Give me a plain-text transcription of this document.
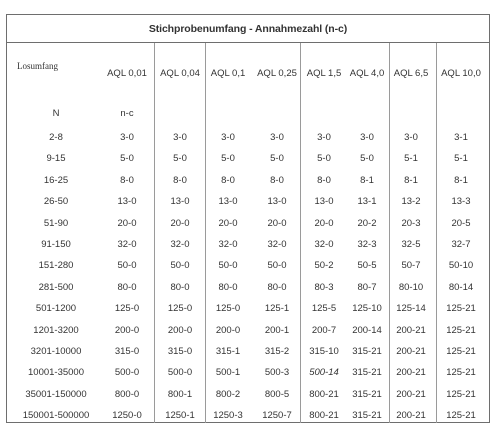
Stichprobenumfang - Annahmezahl (n-c)
Losumfang
AQL 0,01	AQL 0,04	AQL 0,1	AQL 0,25	AQL 1,5 AQL 4,0 AQL 6,5	AQL 10,0
N	n-c
2-8	3-0	3-0	3-0	3-0	3-0	3-0	3-0	3-1
9-15	5-0	5-0	5-0	5-0	5-0	5-0	5-1	5-1
16-25	8-0	8-0	8-0	8-0	8-0	8-1	8-1	8-1
26-50	13-0	13-0	13-0	13-0	13-0	13-1	13-2	13-3
51-90	20-0	20-0	20-0	20-0	20-0	20-2	20-3	20-5
91-150	32-0	32-0	32-0	32-0	32-0	32-3	32-5	32-7
151-280	50-0	50-0	50-0	50-0	50-2	50-5	50-7	50-10
281-500	80-0	80-0	80-0	80-0	80-3	80-7	80-10	80-14
501-1200	125-0	125-0	125-0	125-1	125-5	125-10	125-14	125-21
1201-3200	200-0	200-0	200-0	200-1	200-7	200-14	200-21	125-21
3201-10000	315-0	315-0	315-1	315-2	315-10	315-21	200-21	125-21
10001-35000	500-0	500-0	500-1	500-3	500-14	315-21	200-21	125-21
35001-150000	800-0	800-1	800-2	800-5	800-21	315-21	200-21	125-21
150001-500000	1250-0	1250-1	1250-3	1250-7	800-21	315-21	200-21	125-21
